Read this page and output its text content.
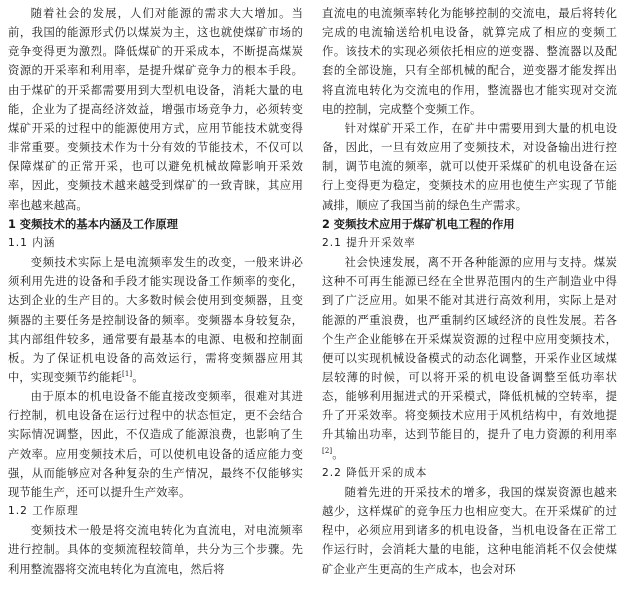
随着社会的发展，人们对能源的需求大大增加。当前，我国的能源形式仍以煤炭为主，这也就使煤矿市场的竞争变得更为激烈。降低煤矿的开采成本，不断提高煤炭资源的开采率和利用率，是提升煤矿竞争力的根本手段。由于煤矿的开采都需要用到大型机电设备，消耗大量的电能，企业为了提高经济效益，增强市场竞争力，必须转变煤矿开采的过程中的能源使用方式，应用节能技术就变得非常重要。变频技术作为十分有效的节能技术，不仅可以保障煤矿的正常开采，也可以避免机械故障影响开采效率，因此，变频技术越来越受到煤矿的一致青睐，其应用率也越来越高。

1 变频技术的基本内涵及工作原理

1.1 内涵

变频技术实际上是电流频率发生的改变，一般来讲必须利用先进的设备和手段才能实现设备工作频率的变化，达到企业的生产目的。大多数时候会使用到变频器，且变频器的主要任务是控制设备的频率。变频器本身较复杂，其内部组件较多，通常要有最基本的电源、电极和控制面板。为了保证机电设备的高效运行，需将变频器应用其中，实现变频节约能耗[1]。

由于原本的机电设备不能直接改变频率，很难对其进行控制，机电设备在运行过程中的状态恒定，更不会结合实际情况调整，因此，不仅造成了能源浪费，也影响了生产效率。应用变频技术后，可以使机电设备的适应能力变强，从而能够应对各种复杂的生产情况，最终不仅能够实现节能生产，还可以提升生产效率。

1.2 工作原理

变频技术一般是将交流电转化为直流电，对电流频率进行控制。具体的变频流程较简单，共分为三个步骤。先利用整流器将交流电转化为直流电，然后将

直流电的电流频率转化为能够控制的交流电，最后将转化完成的电流输送给机电设备，就算完成了相应的变频工作。该技术的实现必须依托相应的逆变器、整流器以及配套的全部设施，只有全部机械的配合，逆变器才能发挥出将直流电转化为交流电的作用，整流器也才能实现对交流电的控制，完成整个变频工作。

针对煤矿开采工作，在矿井中需要用到大量的机电设备，因此，一旦有效应用了变频技术，对设备输出进行控制，调节电流的频率，就可以使开采煤矿的机电设备在运行上变得更为稳定，变频技术的应用也使生产实现了节能减排，顺应了我国当前的绿色生产需求。

2 变频技术应用于煤矿机电工程的作用

2.1 提升开采效率

社会快速发展，离不开各种能源的应用与支持。煤炭这种不可再生能源已经在全世界范围内的生产制造业中得到了广泛应用。如果不能对其进行高效利用，实际上是对能源的严重浪费，也严重制约区域经济的良性发展。若各个生产企业能够在开采煤炭资源的过程中应用变频技术，便可以实现机械设备模式的动态化调整，开采作业区域煤层较薄的时候，可以将开采的机电设备调整至低功率状态，能够利用掘进式的开采模式，降低机械的空转率，提升了开采效率。将变频技术应用于风机结构中，有效地提升其输出功率，达到节能目的，提升了电力资源的利用率[2]。

2.2 降低开采的成本

随着先进的开采技术的增多，我国的煤炭资源也越来越少，这样煤矿的竞争压力也相应变大。在开采煤矿的过程中，必须应用到诸多的机电设备，当机电设备在正常工作运行时，会消耗大量的电能，这种电能消耗不仅会使煤矿企业产生更高的生产成本，也会对环
